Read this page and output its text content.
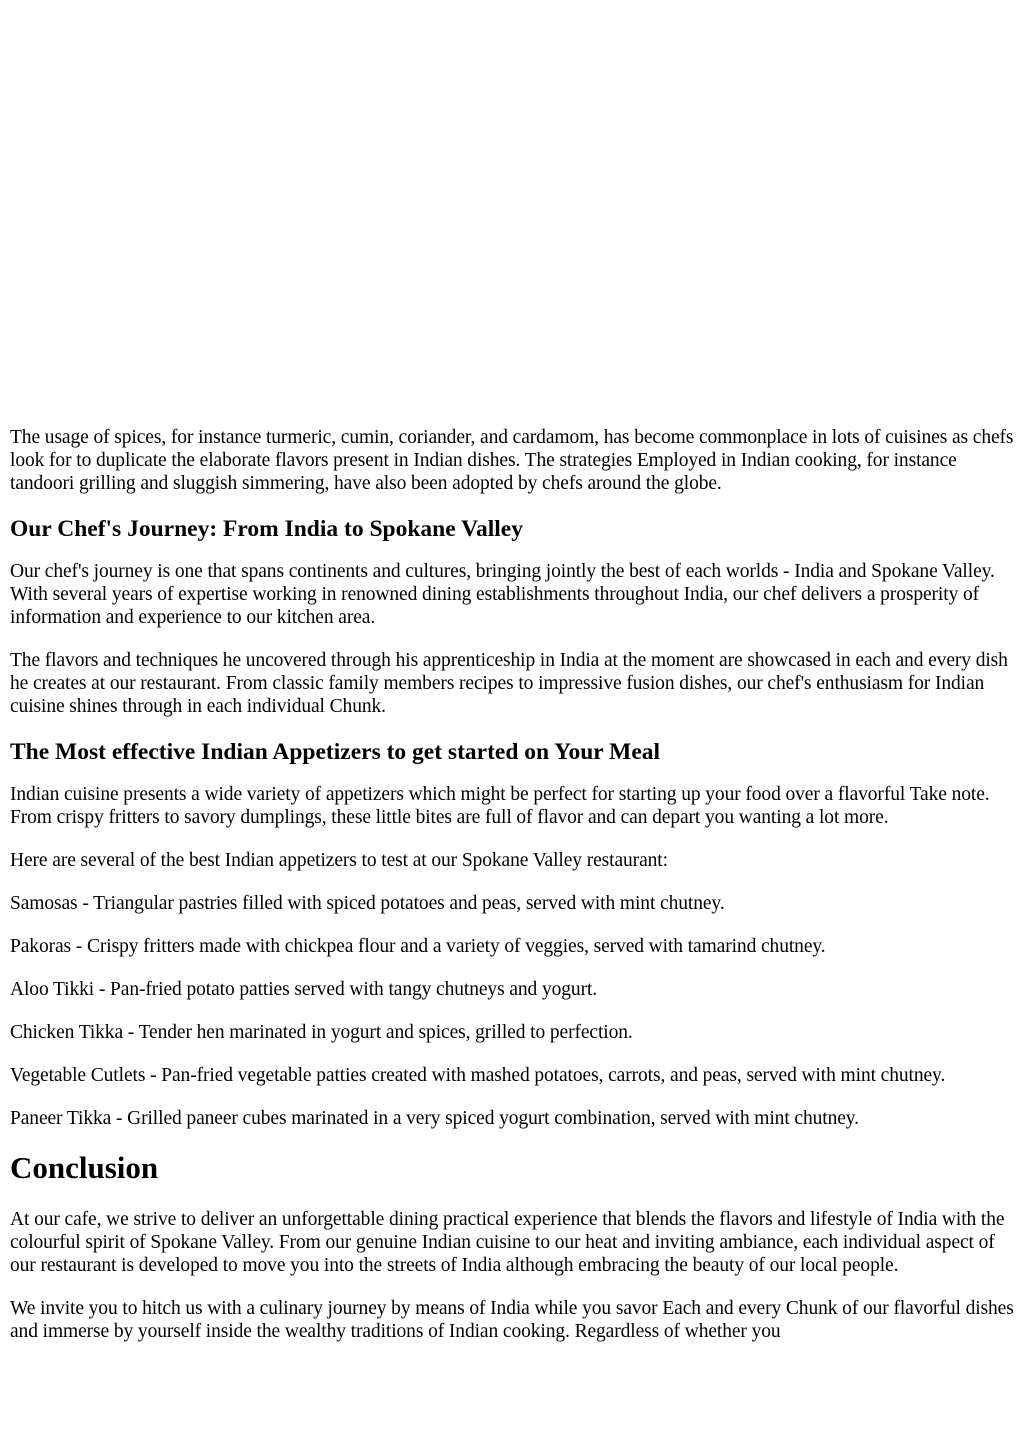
The usage of spices, for instance turmeric, cumin, coriander, and cardamom, has become commonplace in lots of cuisines as chefs look for to duplicate the elaborate flavors present in Indian dishes. The strategies Employed in Indian cooking, for instance tandoori grilling and sluggish simmering, have also been adopted by chefs around the globe.

Our Chef's Journey: From India to Spokane Valley

Our chef's journey is one that spans continents and cultures, bringing jointly the best of each worlds - India and Spokane Valley. With several years of expertise working in renowned dining establishments throughout India, our chef delivers a prosperity of information and experience to our kitchen area.

The flavors and techniques he uncovered through his apprenticeship in India at the moment are showcased in each and every dish he creates at our restaurant. From classic family members recipes to impressive fusion dishes, our chef's enthusiasm for Indian cuisine shines through in each individual Chunk.

The Most effective Indian Appetizers to get started on Your Meal

Indian cuisine presents a wide variety of appetizers which might be perfect for starting up your food over a flavorful Take note. From crispy fritters to savory dumplings, these little bites are full of flavor and can depart you wanting a lot more.

Here are several of the best Indian appetizers to test at our Spokane Valley restaurant:

Samosas - Triangular pastries filled with spiced potatoes and peas, served with mint chutney.

Pakoras - Crispy fritters made with chickpea flour and a variety of veggies, served with tamarind chutney.

Aloo Tikki - Pan-fried potato patties served with tangy chutneys and yogurt.

Chicken Tikka - Tender hen marinated in yogurt and spices, grilled to perfection.

Vegetable Cutlets - Pan-fried vegetable patties created with mashed potatoes, carrots, and peas, served with mint chutney.

Paneer Tikka - Grilled paneer cubes marinated in a very spiced yogurt combination, served with mint chutney.

Conclusion

At our cafe, we strive to deliver an unforgettable dining practical experience that blends the flavors and lifestyle of India with the colourful spirit of Spokane Valley. From our genuine Indian cuisine to our heat and inviting ambiance, each individual aspect of our restaurant is developed to move you into the streets of India although embracing the beauty of our local people.

We invite you to hitch us with a culinary journey by means of India while you savor Each and every Chunk of our flavorful dishes and immerse by yourself inside the wealthy traditions of Indian cooking. Regardless of whether you
